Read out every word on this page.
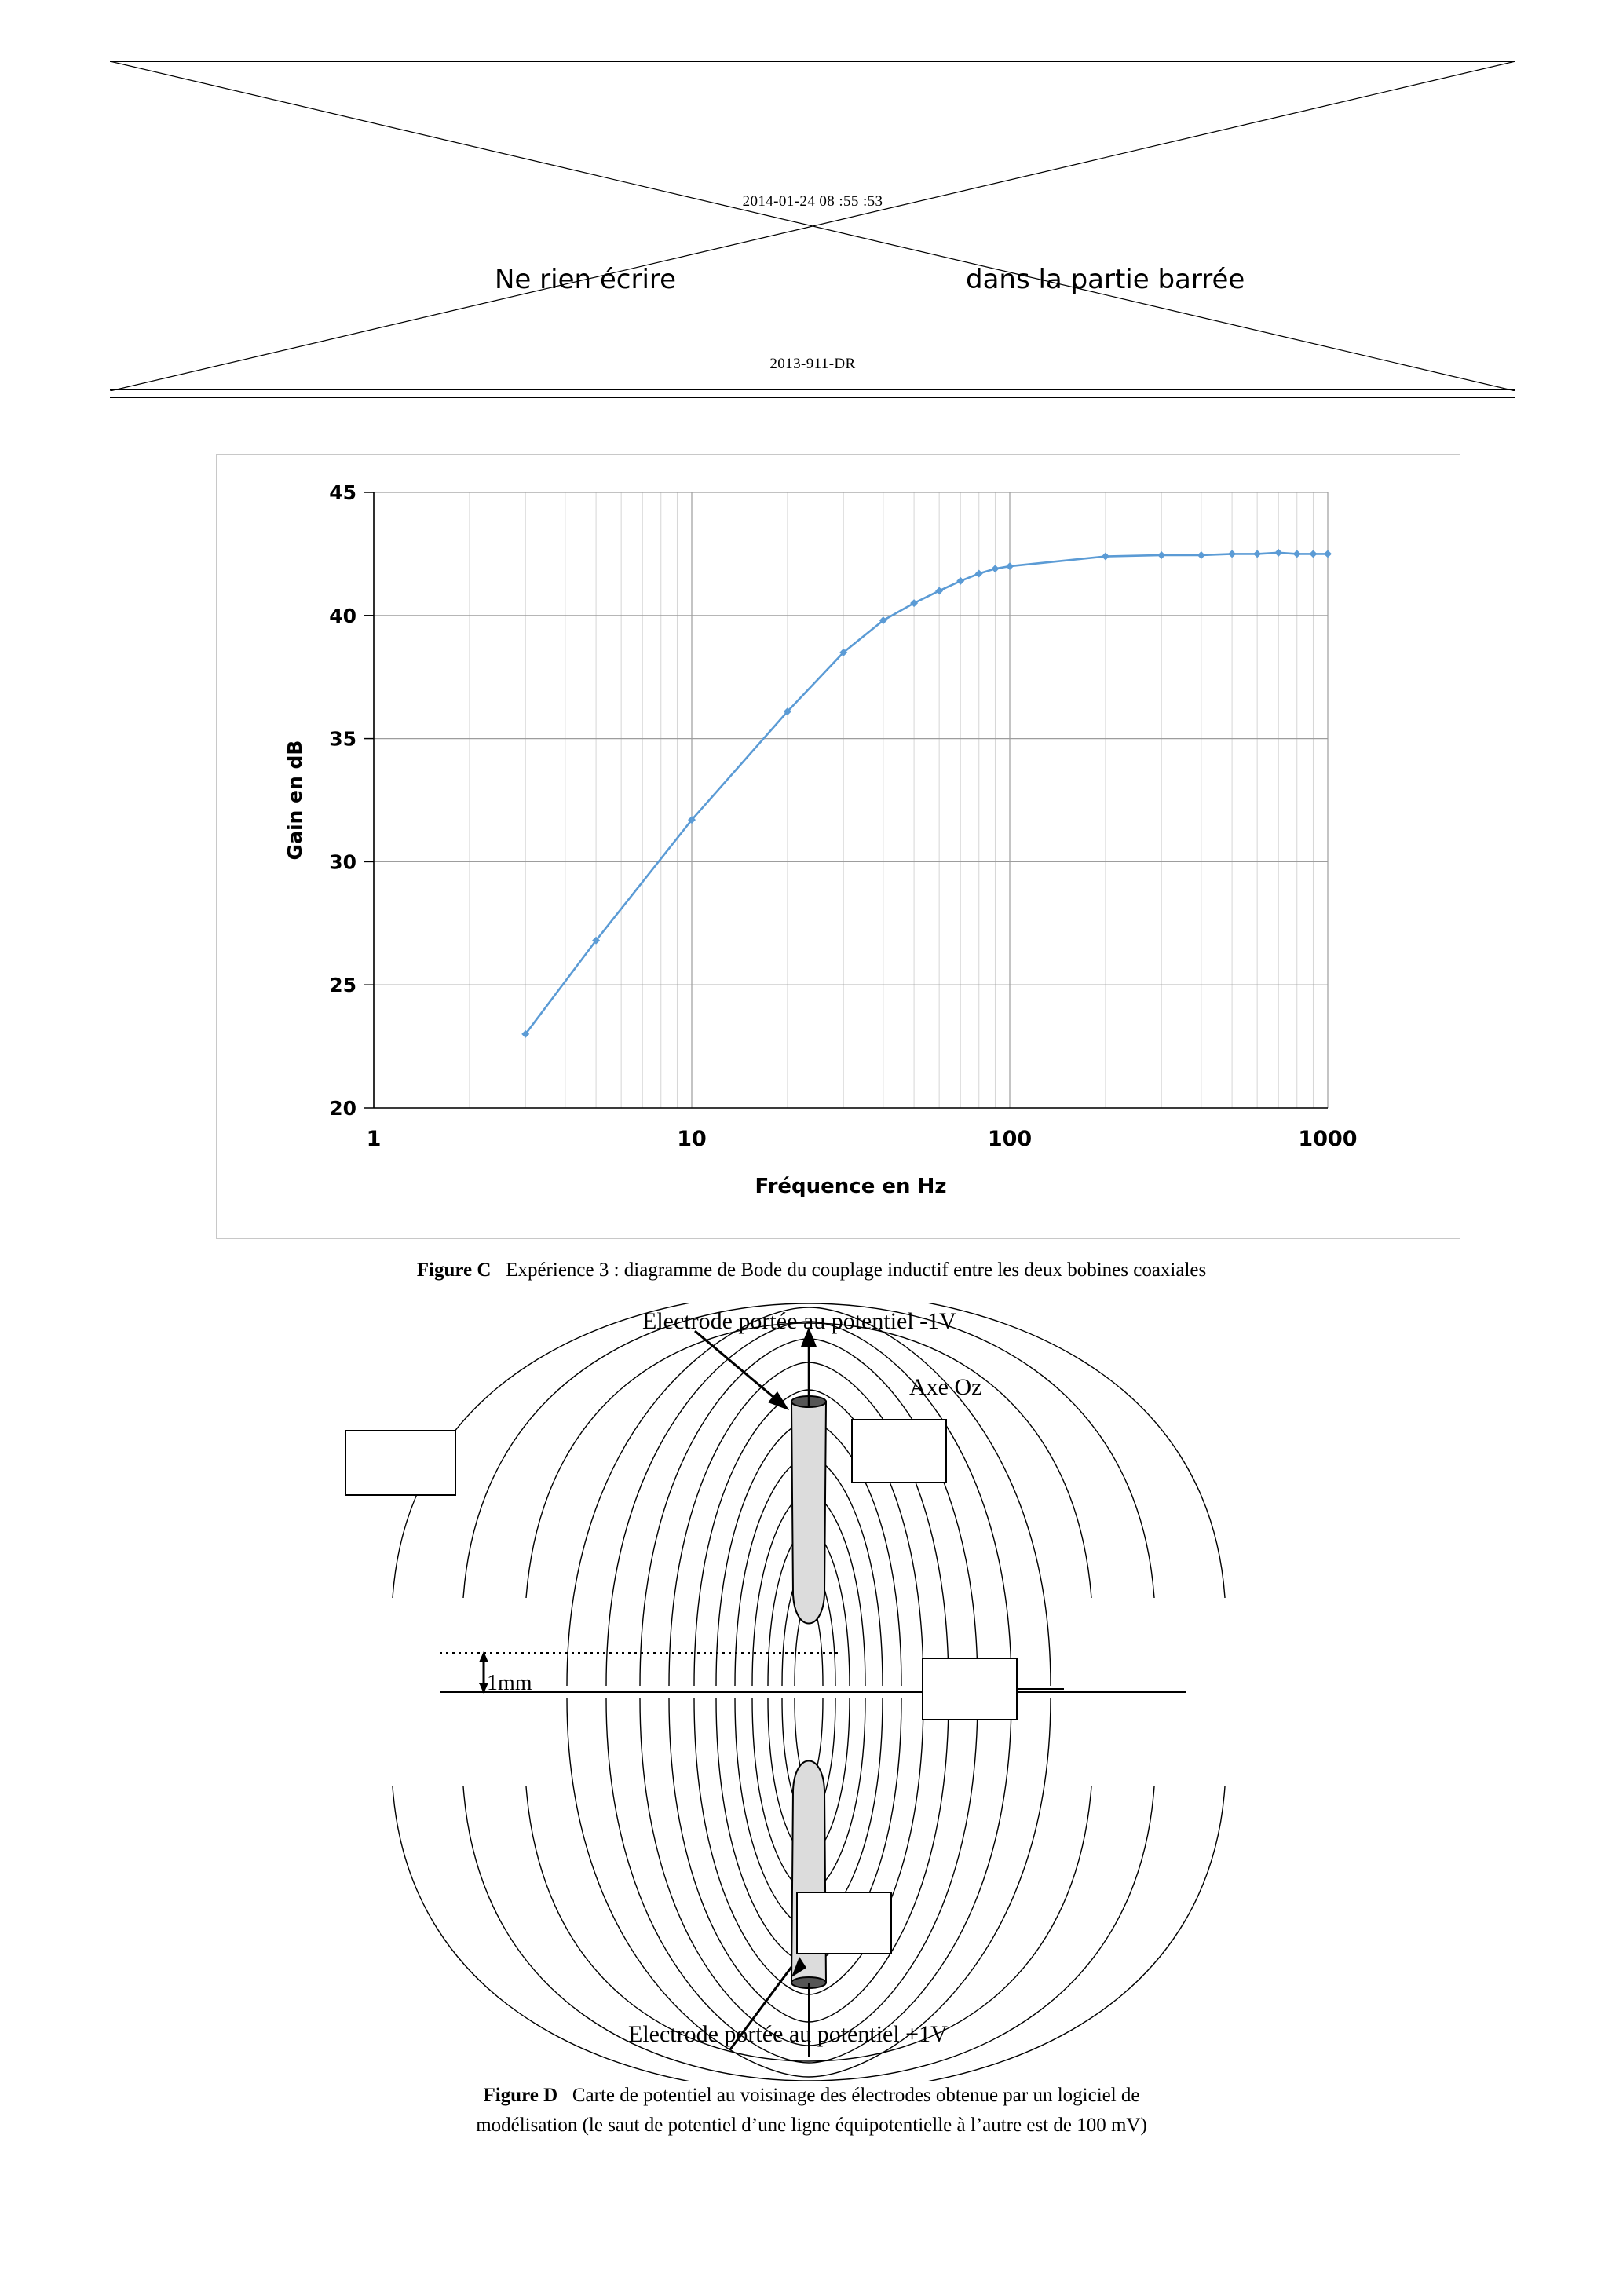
2014-01-24 08 :55 :53
Ne rien écrire	dans la partie barrée
2013-911-DR
20
25
30
35
40
45
1	10	100	1000
Fréquence en Hz
Gain en dB
Figure C Expérience 3 : diagramme de Bode du couplage inductif entre les deux bobines coaxiales
Electrode portée au potentiel -1V
Axe Oz
1mm
Electrode portée au potentiel +1V
Figure D Carte de potentiel au voisinage des électrodes obtenue par un logiciel de
modélisation (le saut de potentiel d’une ligne équipotentielle à l’autre est de 100 mV)
